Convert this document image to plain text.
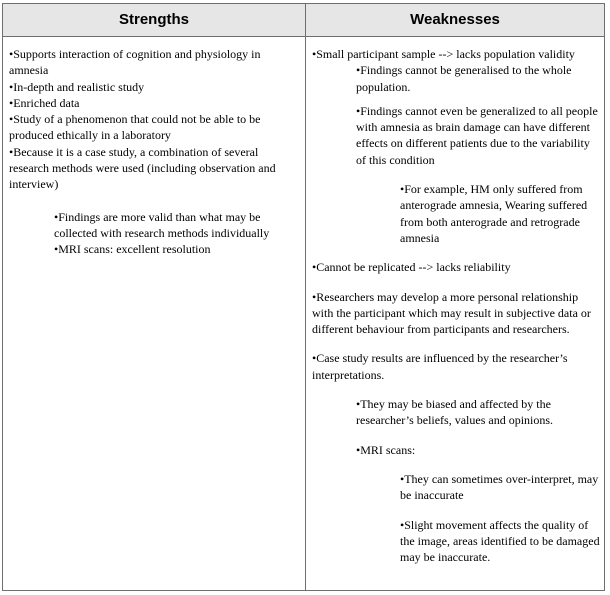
Strengths	Weaknesses
•Supports interaction of cognition and physiology in amnesia
•In-depth and realistic study
•Enriched data
•Study of a phenomenon that could not be able to be produced ethically in a laboratory
•Because it is a case study, a combination of several research methods were used (including observation and interview)
•Findings are more valid than what may be collected with research methods individually
•MRI scans: excellent resolution
•Small participant sample --> lacks population validity
•Findings cannot be generalised to the whole population.
•Findings cannot even be generalized to all people with amnesia as brain damage can have different effects on different patients due to the variability of this condition
•For example, HM only suffered from anterograde amnesia, Wearing suffered from both anterograde and retrograde amnesia
•Cannot be replicated --> lacks reliability
•Researchers may develop a more personal relationship with the participant which may result in subjective data or different behaviour from participants and researchers.
•Case study results are influenced by the researcher’s interpretations.
•They may be biased and affected by the researcher’s beliefs, values and opinions.
•MRI scans:
•They can sometimes over-interpret, may be inaccurate
•Slight movement affects the quality of the image, areas identified to be damaged may be inaccurate.
